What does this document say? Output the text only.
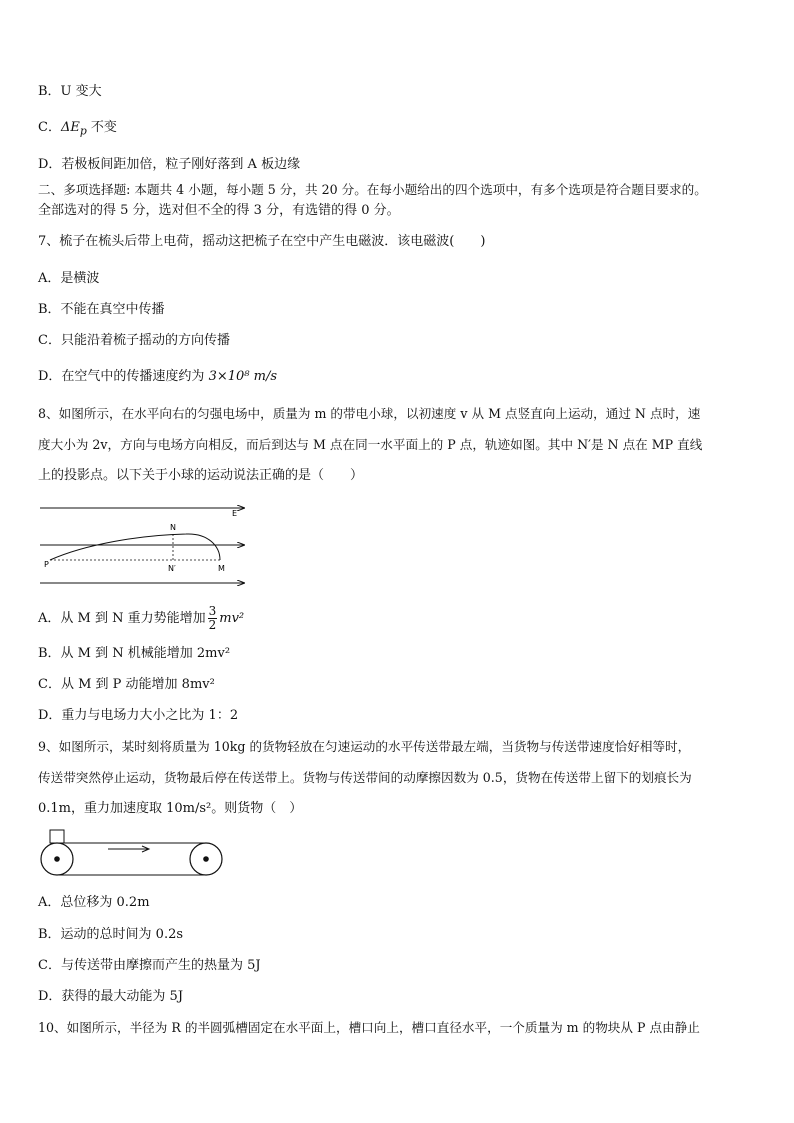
B．U 变大
C．$\Delta E_p$ 不变
D．若极板间距加倍，粒子刚好落到 A 板边缘
二、多项选择题: 本题共 4 小题，每小题 5 分，共 20 分。在每小题给出的四个选项中，有多个选项是符合题目要求的。
全部选对的得 5 分，选对但不全的得 3 分，有选错的得 0 分。
7、梳子在梳头后带上电荷，摇动这把梳子在空中产生电磁波．该电磁波(　　)
A．是横波
B．不能在真空中传播
C．只能沿着梳子摇动的方向传播
D．在空气中的传播速度约为 3×10⁸ m/s
8、如图所示，在水平向右的匀强电场中，质量为 m 的带电小球，以初速度 v 从 M 点竖直向上运动，通过 N 点时，速
度大小为 2v，方向与电场方向相反，而后到达与 M 点在同一水平面上的 P 点，轨迹如图。其中 N′是 N 点在 MP 直线
上的投影点。以下关于小球的运动说法正确的是（　　）
E
N
N′
P	M
A．从 M 到 N 重力势能增加 $\frac{3}{2} mv^2$
B．从 M 到 N 机械能增加 2mv²
C．从 M 到 P 动能增加 8mv²
D．重力与电场力大小之比为 1：2
9、如图所示，某时刻将质量为 10kg 的货物轻放在匀速运动的水平传送带最左端，当货物与传送带速度恰好相等时，
传送带突然停止运动，货物最后停在传送带上。货物与传送带间的动摩擦因数为 0.5，货物在传送带上留下的划痕长为
0.1m，重力加速度取 10m/s²。则货物（　）
A．总位移为 0.2m
B．运动的总时间为 0.2s
C．与传送带由摩擦而产生的热量为 5J
D．获得的最大动能为 5J
10、如图所示，半径为 R 的半圆弧槽固定在水平面上，槽口向上，槽口直径水平，一个质量为 m 的物块从 P 点由静止
